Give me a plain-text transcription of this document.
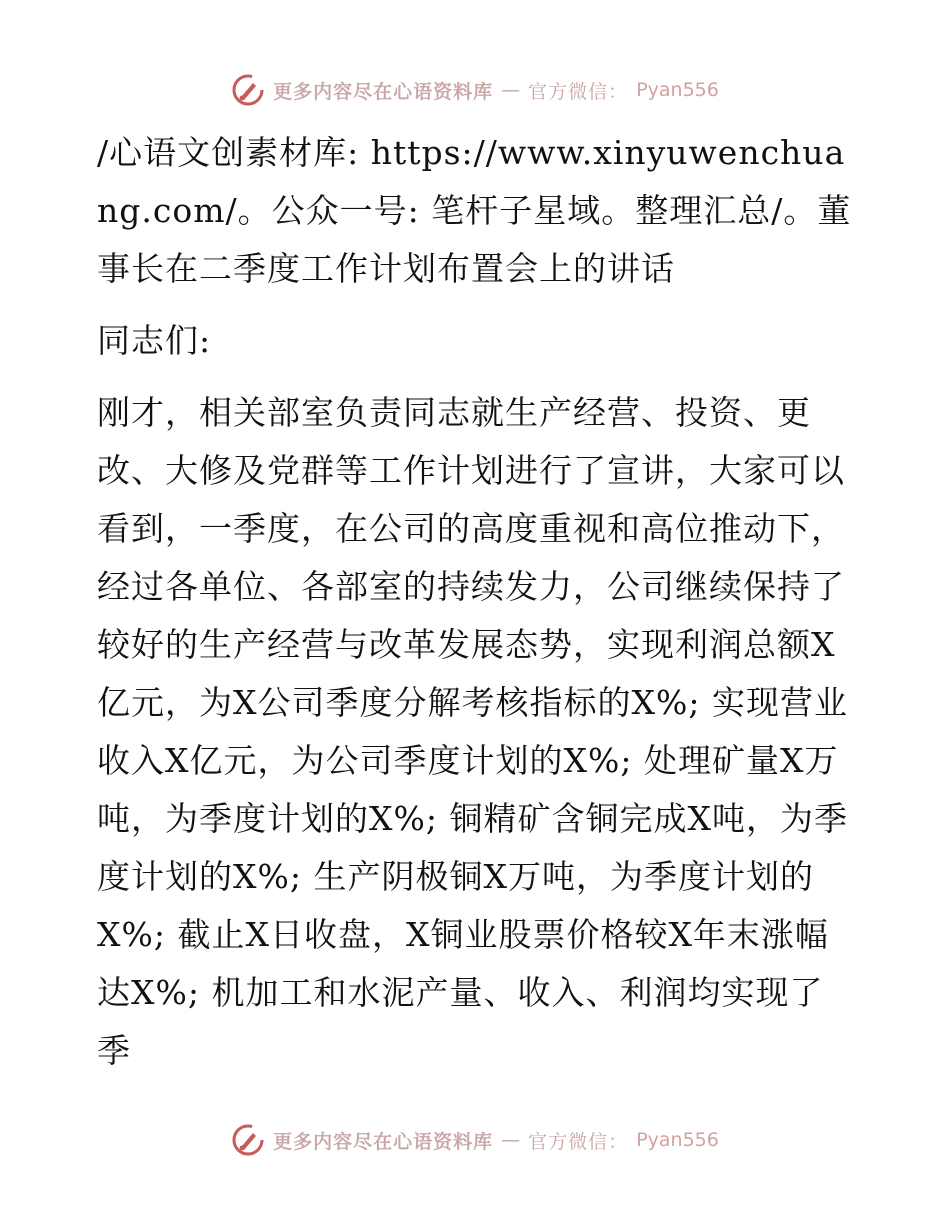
更多内容尽在心语资料库 — 官方微信： Pyan556

/心语文创素材库: https://www.xinyuwenchuang.com/。公众一号: 笔杆子星域。整理汇总/。董事长在二季度工作计划布置会上的讲话

同志们:

刚才，相关部室负责同志就生产经营、投资、更改、大修及党群等工作计划进行了宣讲，大家可以看到，一季度，在公司的高度重视和高位推动下，经过各单位、各部室的持续发力，公司继续保持了较好的生产经营与改革发展态势，实现利润总额X亿元，为X公司季度分解考核指标的X%; 实现营业收入X亿元，为公司季度计划的X%; 处理矿量X万吨，为季度计划的X%; 铜精矿含铜完成X吨，为季度计划的X%; 生产阴极铜X万吨，为季度计划的X%; 截止X日收盘，X铜业股票价格较X年末涨幅达X%; 机加工和水泥产量、收入、利润均实现了季

更多内容尽在心语资料库 — 官方微信： Pyan556
